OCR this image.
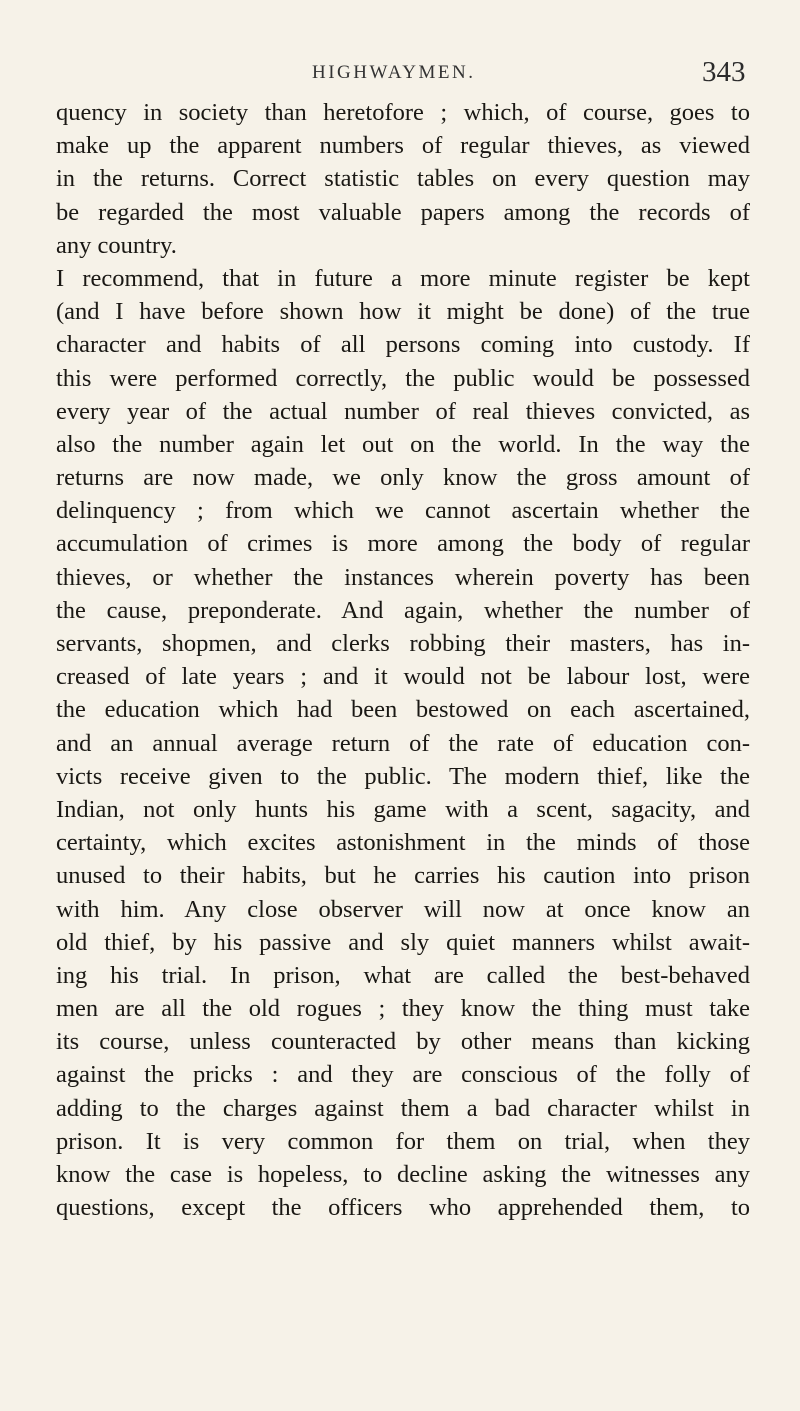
HIGHWAYMEN.	343
quency in society than heretofore ; which, of course, goes to
make up the apparent numbers of regular thieves, as viewed
in the returns. Correct statistic tables on every question may
be regarded the most valuable papers among the records of
any country.
I recommend, that in future a more minute register be kept
(and I have before shown how it might be done) of the true
character and habits of all persons coming into custody. If
this were performed correctly, the public would be possessed
every year of the actual number of real thieves convicted, as
also the number again let out on the world. In the way the
returns are now made, we only know the gross amount of
delinquency ; from which we cannot ascertain whether the
accumulation of crimes is more among the body of regular
thieves, or whether the instances wherein poverty has been
the cause, preponderate. And again, whether the number of
servants, shopmen, and clerks robbing their masters, has in-
creased of late years ; and it would not be labour lost, were
the education which had been bestowed on each ascertained,
and an annual average return of the rate of education con-
victs receive given to the public. The modern thief, like the
Indian, not only hunts his game with a scent, sagacity, and
certainty, which excites astonishment in the minds of those
unused to their habits, but he carries his caution into prison
with him. Any close observer will now at once know an
old thief, by his passive and sly quiet manners whilst await-
ing his trial. In prison, what are called the best-behaved
men are all the old rogues ; they know the thing must take
its course, unless counteracted by other means than kicking
against the pricks : and they are conscious of the folly of
adding to the charges against them a bad character whilst in
prison. It is very common for them on trial, when they
know the case is hopeless, to decline asking the witnesses any
questions, except the officers who apprehended them, to
